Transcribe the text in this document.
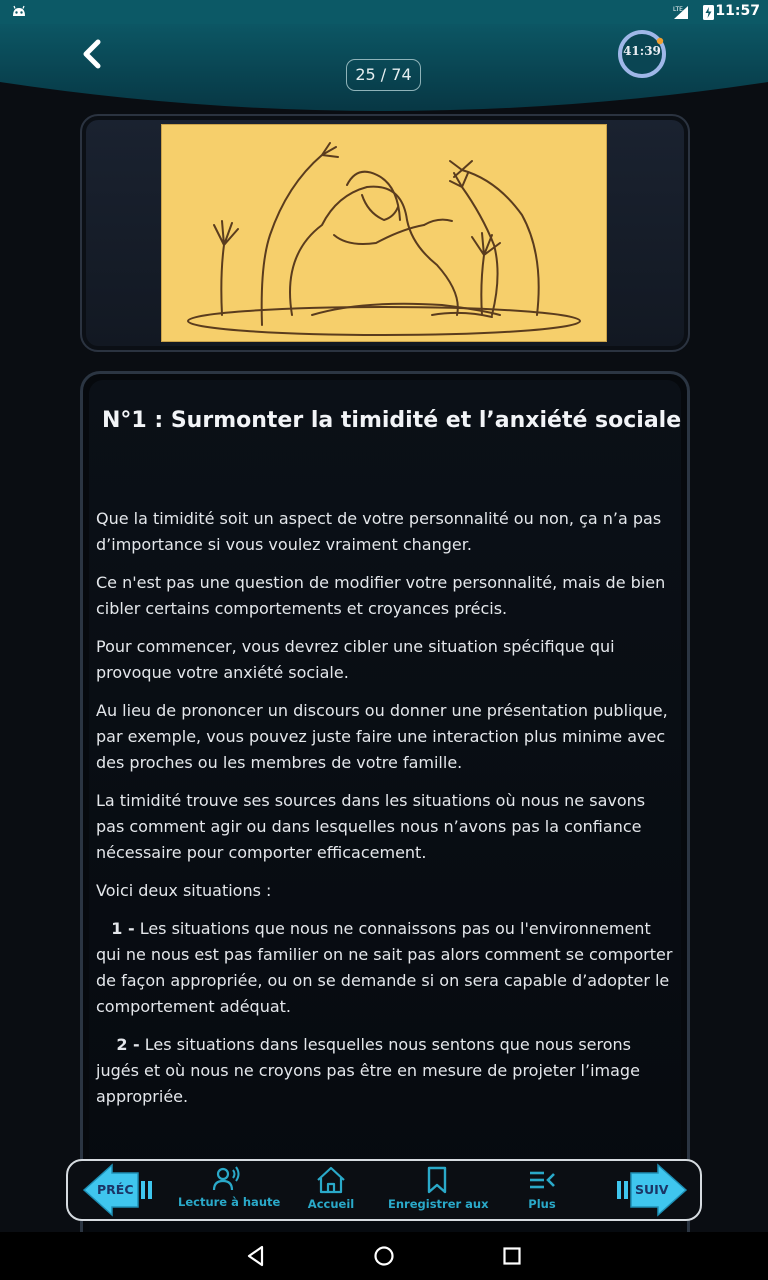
LTE 11:57
25 / 74
41:39
N°1 : Surmonter la timidité et l’anxiété sociale

Que la timidité soit un aspect de votre personnalité ou non, ça n’a pas d’importance si vous voulez vraiment changer.

Ce n'est pas une question de modifier votre personnalité, mais de bien cibler certains comportements et croyances précis.

Pour commencer, vous devrez cibler une situation spécifique qui provoque votre anxiété sociale.

Au lieu de prononcer un discours ou donner une présentation publique, par exemple, vous pouvez juste faire une interaction plus minime avec des proches ou les membres de votre famille.

La timidité trouve ses sources dans les situations où nous ne savons pas comment agir ou dans lesquelles nous n’avons pas la confiance nécessaire pour comporter efficacement.

Voici deux situations :

1 - Les situations que nous ne connaissons pas ou l'environnement qui ne nous est pas familier on ne sait pas alors comment se comporter de façon appropriée, ou on se demande si on sera capable d’adopter le comportement adéquat.

2 - Les situations dans lesquelles nous sentons que nous serons jugés et où nous ne croyons pas être en mesure de projeter l’image appropriée.

PRÉC
Lecture à haute	Accueil	Enregistrer aux	Plus
SUIV
